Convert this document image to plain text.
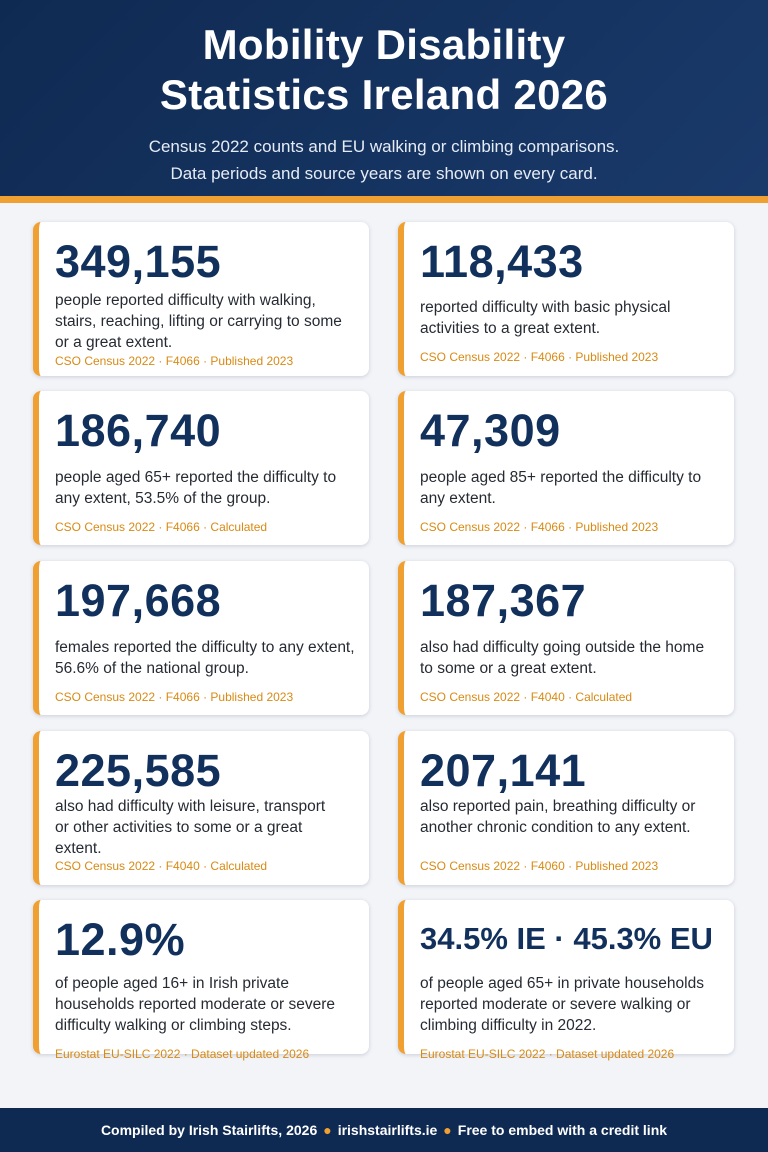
Mobility Disability
Statistics Ireland 2026
Census 2022 counts and EU walking or climbing comparisons.
Data periods and source years are shown on every card.
349,155
people reported difficulty with walking, stairs, reaching, lifting or carrying to some or a great extent.
CSO Census 2022 · F4066 · Published 2023
118,433
reported difficulty with basic physical activities to a great extent.
CSO Census 2022 · F4066 · Published 2023
186,740
people aged 65+ reported the difficulty to any extent, 53.5% of the group.
CSO Census 2022 · F4066 · Calculated
47,309
people aged 85+ reported the difficulty to any extent.
CSO Census 2022 · F4066 · Published 2023
197,668
females reported the difficulty to any extent, 56.6% of the national group.
CSO Census 2022 · F4066 · Published 2023
187,367
also had difficulty going outside the home to some or a great extent.
CSO Census 2022 · F4040 · Calculated
225,585
also had difficulty with leisure, transport or other activities to some or a great extent.
CSO Census 2022 · F4040 · Calculated
207,141
also reported pain, breathing difficulty or another chronic condition to any extent.
CSO Census 2022 · F4060 · Published 2023
12.9%
of people aged 16+ in Irish private households reported moderate or severe difficulty walking or climbing steps.
Eurostat EU-SILC 2022 · Dataset updated 2026
34.5% IE · 45.3% EU
of people aged 65+ in private households reported moderate or severe walking or climbing difficulty in 2022.
Eurostat EU-SILC 2022 · Dataset updated 2026
Compiled by Irish Stairlifts, 2026 ● irishstairlifts.ie ● Free to embed with a credit link
